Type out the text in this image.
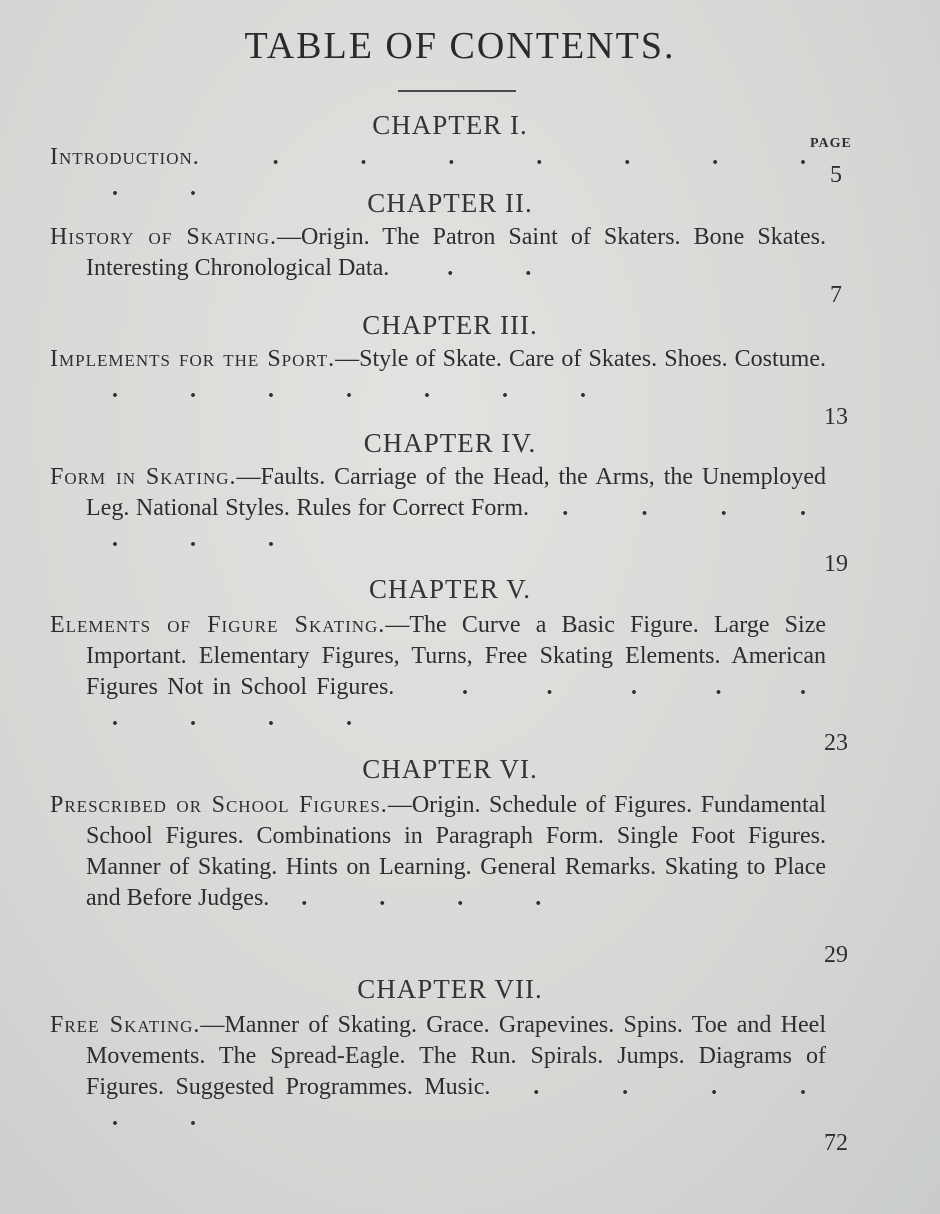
TABLE OF CONTENTS.
PAGE
CHAPTER I.
Introduction.   .  .  .  .  .  .  .  .  .	5
CHAPTER II.
History of Skating.—Origin. The Patron Saint of Skaters. Bone Skates. Interesting Chronological Data.   .  .
7
CHAPTER III.
Implements for the Sport.—Style of Skate. Care of Skates. Shoes. Costume.  .  .  .  .  .  .  .
13
CHAPTER IV.
Form in Skating.—Faults. Carriage of the Head, the Arms, the Unemployed Leg. National Styles. Rules for Correct Form.  .  .  .  .  .  .  .
19
CHAPTER V.
Elements of Figure Skating.—The Curve a Basic Figure. Large Size Important. Elementary Figures, Turns, Free Skating Elements. American Figures Not in School Figures.   .  .  .  .  .  .  .  .  .
23
CHAPTER VI.
Prescribed or School Figures.—Origin. Schedule of Figures. Fundamental School Figures. Combinations in Paragraph Form. Single Foot Figures. Manner of Skating. Hints on Learning. General Remarks. Skating to Place and Before Judges.  .  .  .  .
29
CHAPTER VII.
Free Skating.—Manner of Skating. Grace. Grapevines. Spins. Toe and Heel Movements. The Spread-Eagle. The Run. Spirals. Jumps. Diagrams of Figures. Suggested Programmes. Music.  .  .  .  .  .  .
72
